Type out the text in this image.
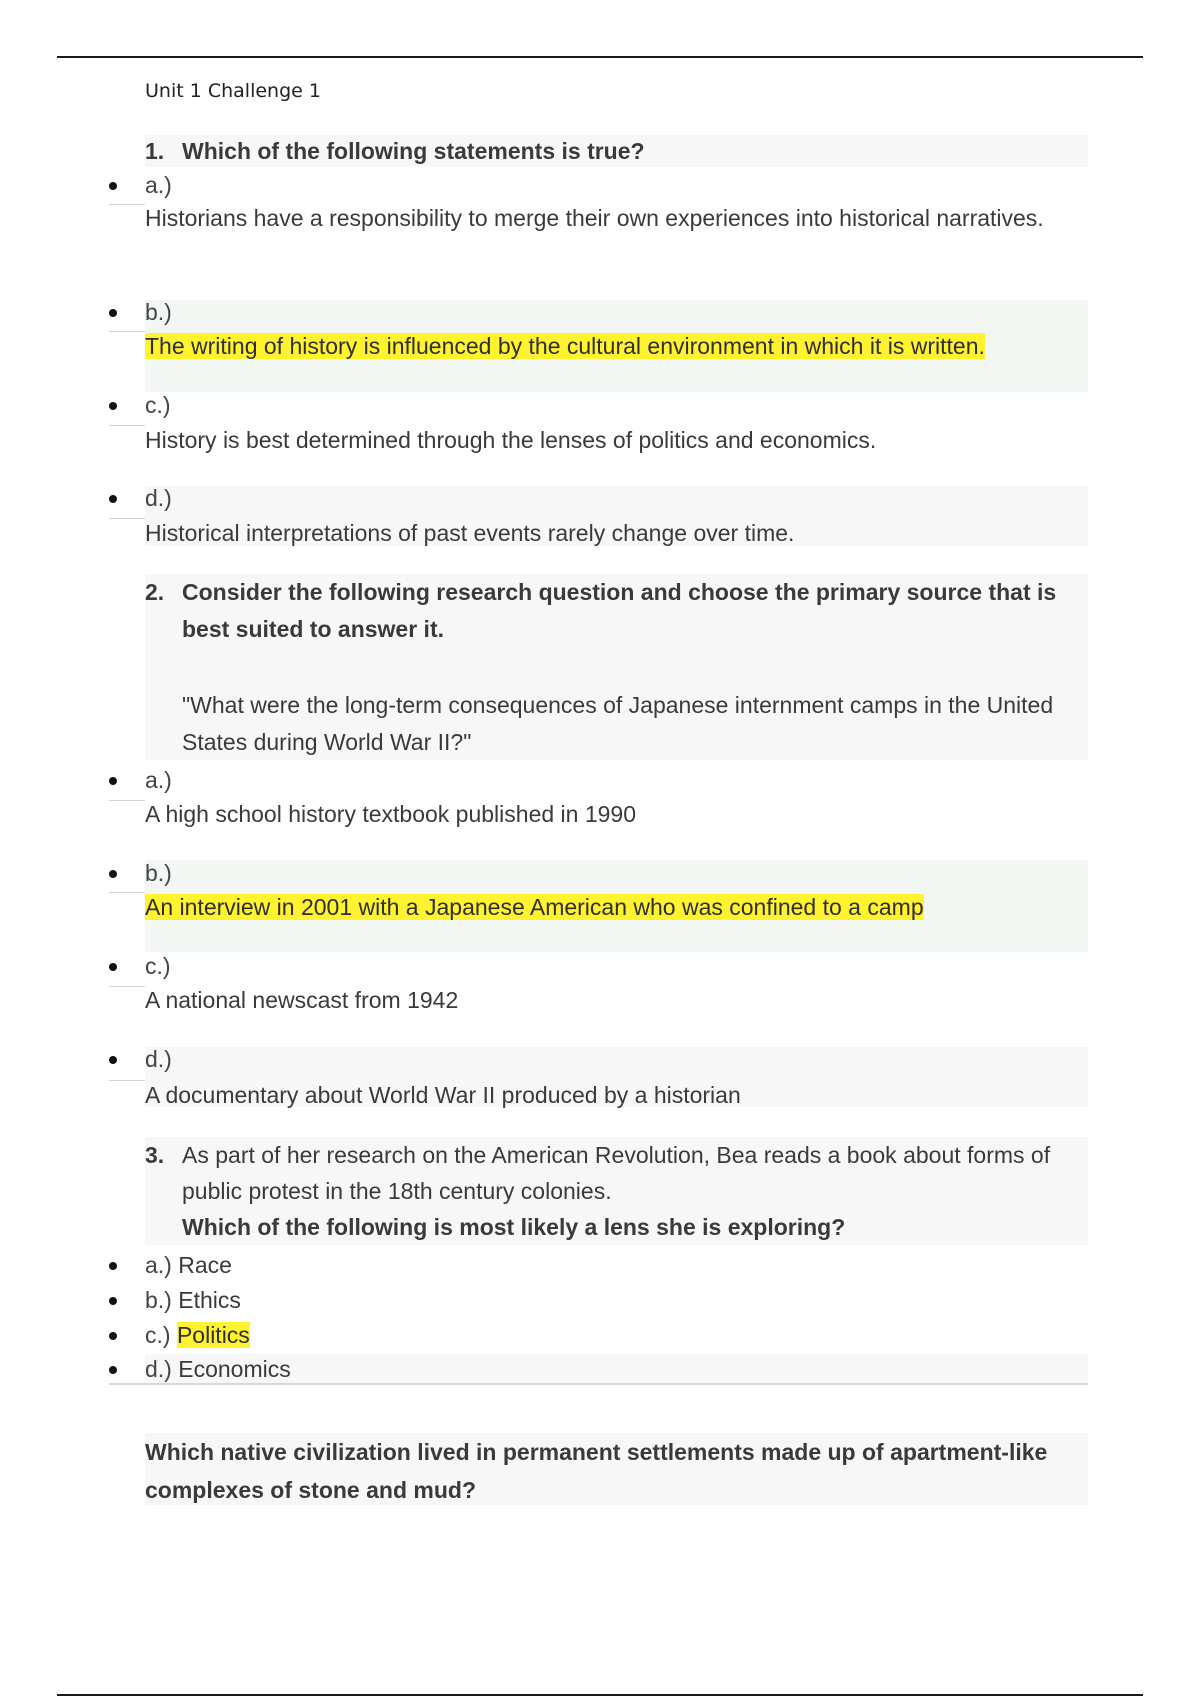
Unit 1 Challenge 1
1. Which of the following statements is true?
a.)
Historians have a responsibility to merge their own experiences into historical narratives.
b.)
The writing of history is influenced by the cultural environment in which it is written.
c.)
History is best determined through the lenses of politics and economics.
d.)
Historical interpretations of past events rarely change over time.
2. Consider the following research question and choose the primary source that is best suited to answer it.
"What were the long-term consequences of Japanese internment camps in the United States during World War II?"
a.)
A high school history textbook published in 1990
b.)
An interview in 2001 with a Japanese American who was confined to a camp
c.)
A national newscast from 1942
d.)
A documentary about World War II produced by a historian
3. As part of her research on the American Revolution, Bea reads a book about forms of public protest in the 18th century colonies.
Which of the following is most likely a lens she is exploring?
a.) Race
b.) Ethics
c.) Politics
d.) Economics
Which native civilization lived in permanent settlements made up of apartment-like complexes of stone and mud?
